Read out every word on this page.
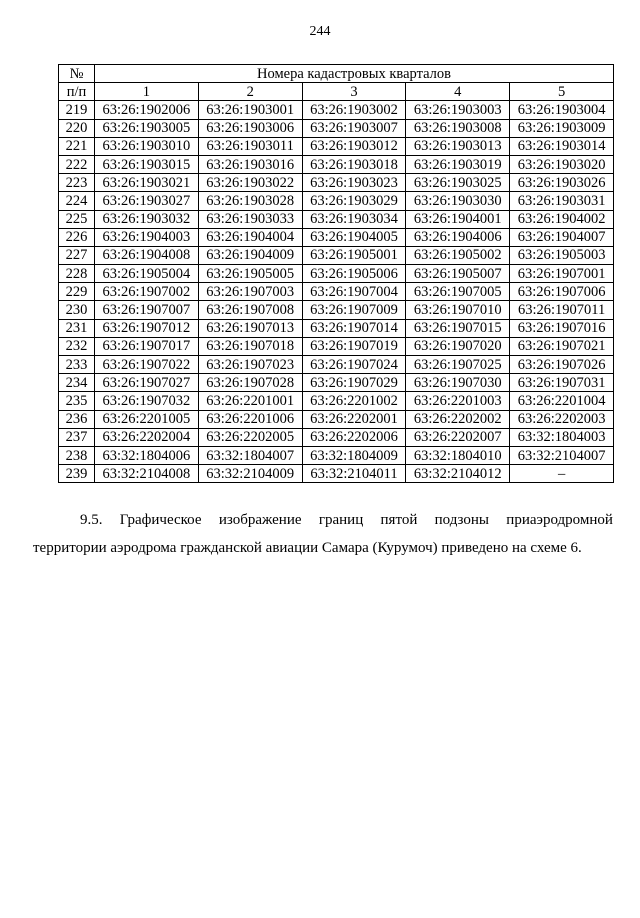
244
№	Номера кадастровых кварталов				
п/п	1	2	3	4	5
219	63:26:1902006	63:26:1903001	63:26:1903002	63:26:1903003	63:26:1903004
220	63:26:1903005	63:26:1903006	63:26:1903007	63:26:1903008	63:26:1903009
221	63:26:1903010	63:26:1903011	63:26:1903012	63:26:1903013	63:26:1903014
222	63:26:1903015	63:26:1903016	63:26:1903018	63:26:1903019	63:26:1903020
223	63:26:1903021	63:26:1903022	63:26:1903023	63:26:1903025	63:26:1903026
224	63:26:1903027	63:26:1903028	63:26:1903029	63:26:1903030	63:26:1903031
225	63:26:1903032	63:26:1903033	63:26:1903034	63:26:1904001	63:26:1904002
226	63:26:1904003	63:26:1904004	63:26:1904005	63:26:1904006	63:26:1904007
227	63:26:1904008	63:26:1904009	63:26:1905001	63:26:1905002	63:26:1905003
228	63:26:1905004	63:26:1905005	63:26:1905006	63:26:1905007	63:26:1907001
229	63:26:1907002	63:26:1907003	63:26:1907004	63:26:1907005	63:26:1907006
230	63:26:1907007	63:26:1907008	63:26:1907009	63:26:1907010	63:26:1907011
231	63:26:1907012	63:26:1907013	63:26:1907014	63:26:1907015	63:26:1907016
232	63:26:1907017	63:26:1907018	63:26:1907019	63:26:1907020	63:26:1907021
233	63:26:1907022	63:26:1907023	63:26:1907024	63:26:1907025	63:26:1907026
234	63:26:1907027	63:26:1907028	63:26:1907029	63:26:1907030	63:26:1907031
235	63:26:1907032	63:26:2201001	63:26:2201002	63:26:2201003	63:26:2201004
236	63:26:2201005	63:26:2201006	63:26:2202001	63:26:2202002	63:26:2202003
237	63:26:2202004	63:26:2202005	63:26:2202006	63:26:2202007	63:32:1804003
238	63:32:1804006	63:32:1804007	63:32:1804009	63:32:1804010	63:32:2104007
239	63:32:2104008	63:32:2104009	63:32:2104011	63:32:2104012	–
9.5. Графическое изображение границ пятой подзоны приаэродромной
территории аэродрома гражданской авиации Самара (Курумоч) приведено на схеме 6.
